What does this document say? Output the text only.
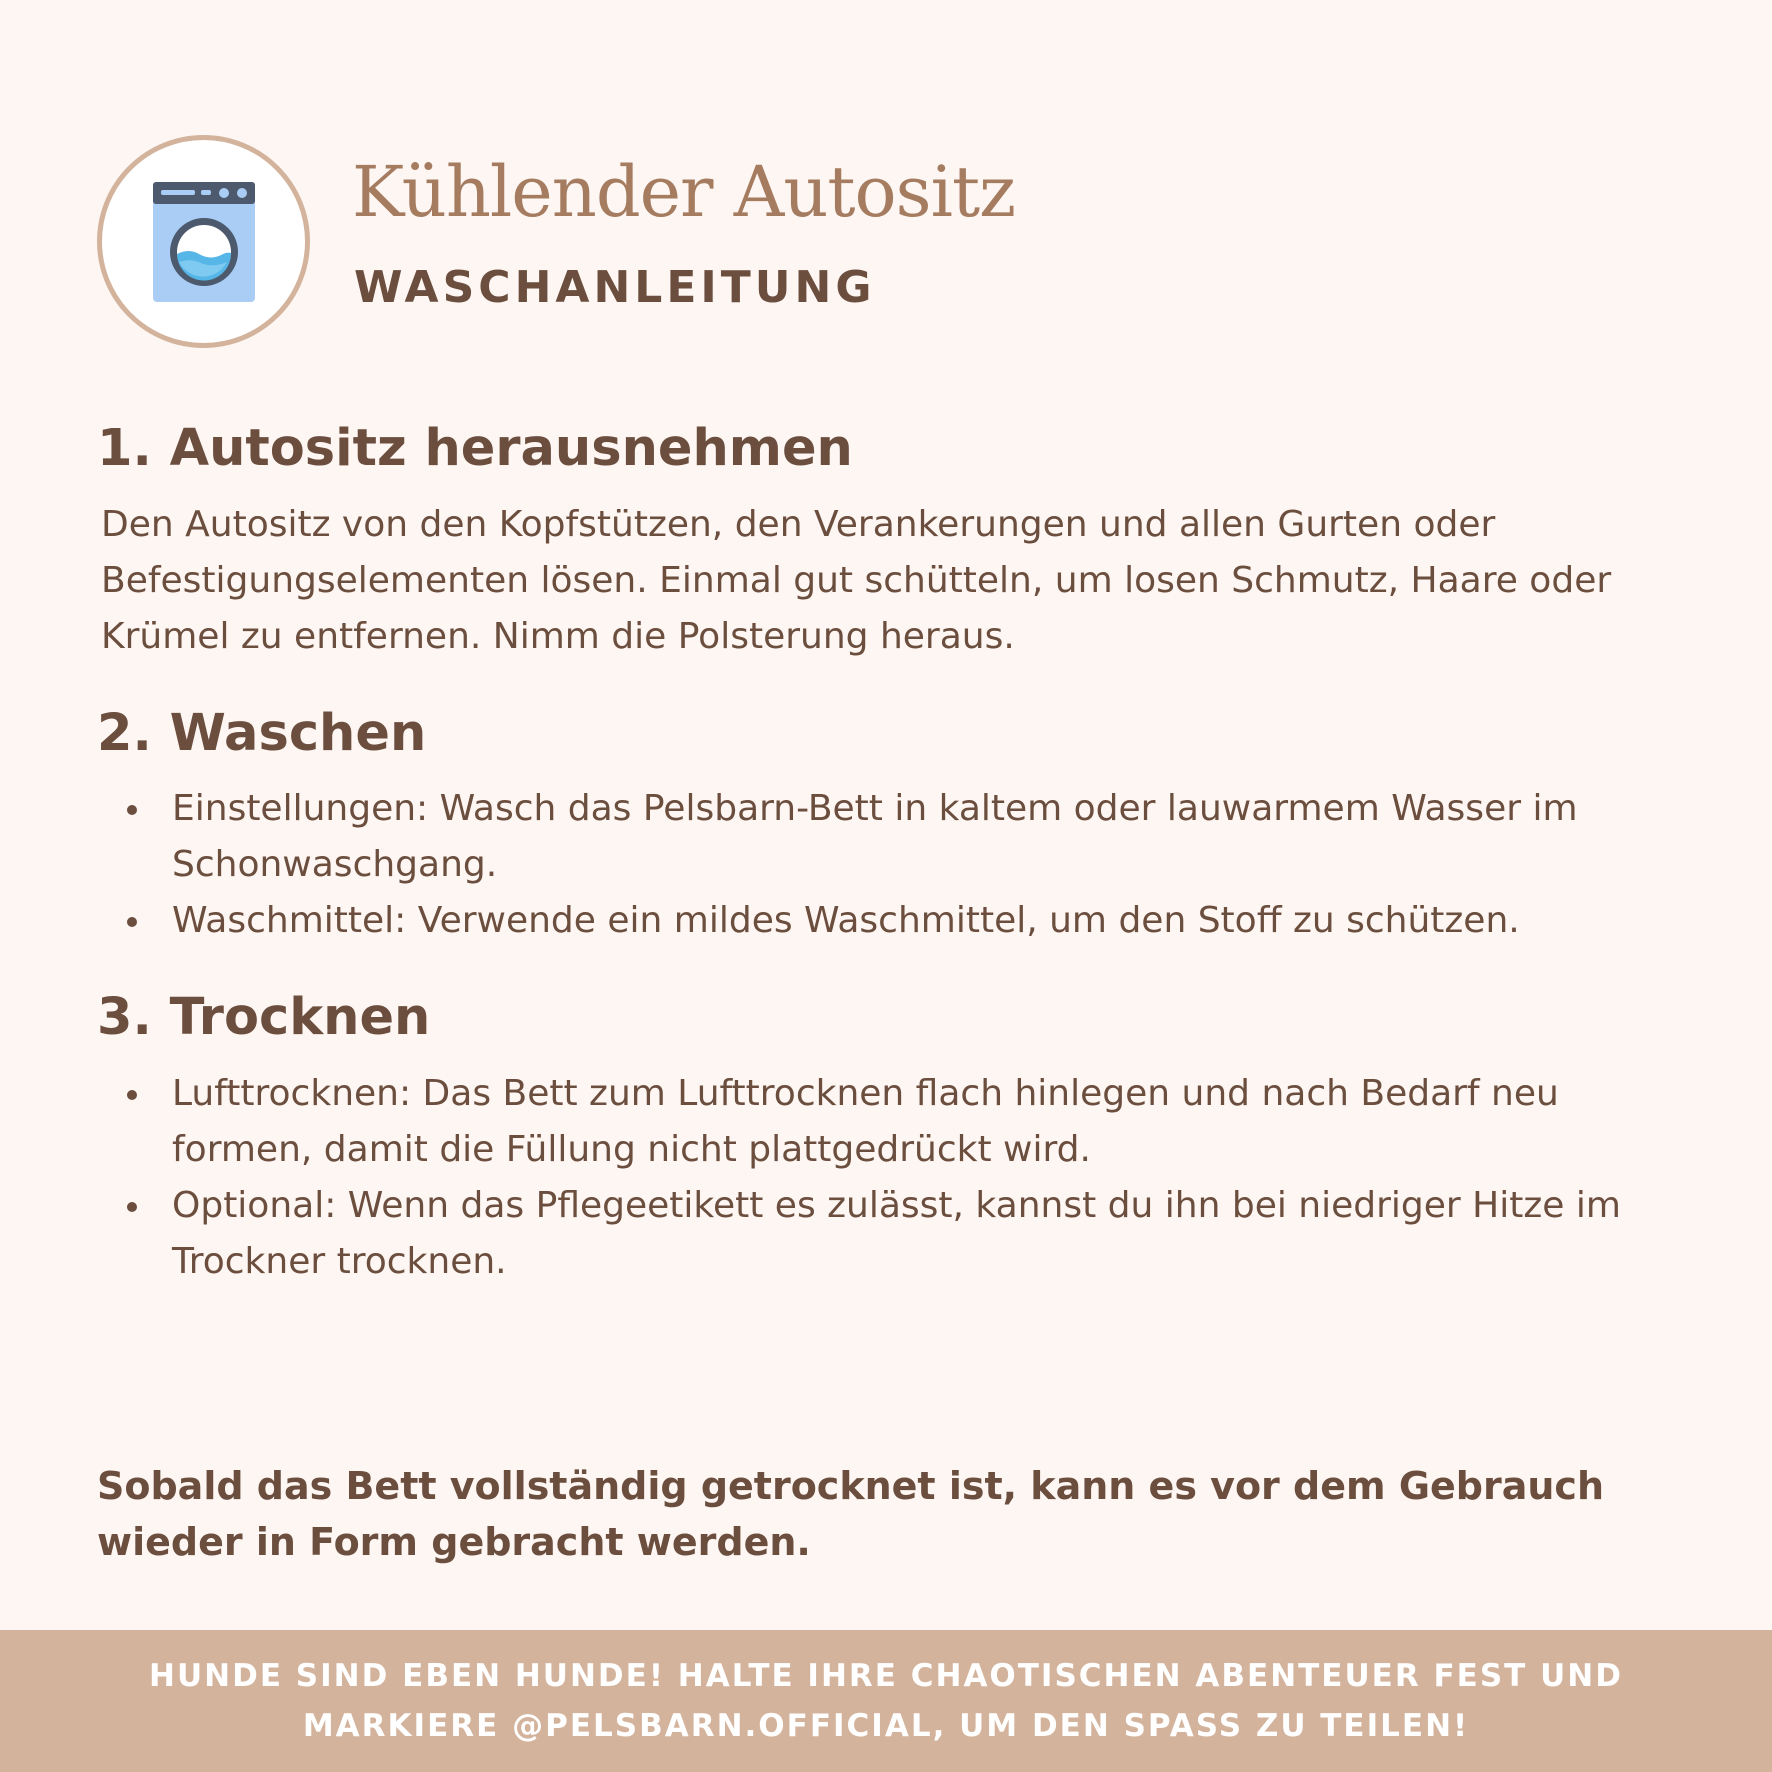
Kühlender Autositz
WASCHANLEITUNG
1. Autositz herausnehmen

Den Autositz von den Kopfstützen, den Verankerungen und allen Gurten oder Befestigungselementen lösen. Einmal gut schütteln, um losen Schmutz, Haare oder Krümel zu entfernen. Nimm die Polsterung heraus.

2. Waschen
Einstellungen: Wasch das Pelsbarn-Bett in kaltem oder lauwarmem Wasser im Schonwaschgang.
Waschmittel: Verwende ein mildes Waschmittel, um den Stoff zu schützen.
3. Trocknen
Lufttrocknen: Das Bett zum Lufttrocknen flach hinlegen und nach Bedarf neu formen, damit die Füllung nicht plattgedrückt wird.
Optional: Wenn das Pflegeetikett es zulässt, kannst du ihn bei niedriger Hitze im Trockner trocknen.
Sobald das Bett vollständig getrocknet ist, kann es vor dem Gebrauch wieder in Form gebracht werden.
HUNDE SIND EBEN HUNDE! HALTE IHRE CHAOTISCHEN ABENTEUER FEST UND MARKIERE @PELSBARN.OFFICIAL, UM DEN SPASS ZU TEILEN!
